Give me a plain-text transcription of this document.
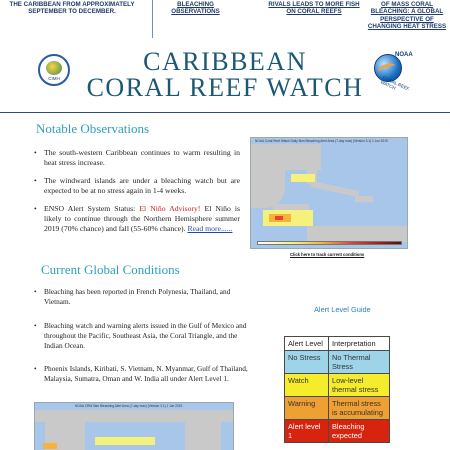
THE CARIBBEAN FROM APPROXIMATELY SEPTEMBER TO DECEMBER.
BLEACHING OBSERVATIONS
RIVALS LEADS TO MORE FISH ON CORAL REEFS
OF MASS CORAL BLEACHING: A GLOBAL PERSPECTIVE OF CHANGING HEAT STRESS
CARIBBEAN
CORAL REEF WATCH
CIMH
NOAA
CORAL REEF WATCH
Notable Observations
• The south-western Caribbean continues to warm resulting in heat stress increase.
• The windward islands are under a bleaching watch but are expected to be at no stress again in 1-4 weeks.
• ENSO Alert System Status: El Niño Advisory! El Niño is likely to continue through the Northern Hemisphere summer 2019 (70% chance) and fall (55-60% chance). Read more......
NOAA Coral Reef Watch Daily 5km Bleaching Alert Area (7-day max) (Version 3.1) 1 Jun 2019
Click here to track current conditions
Current Global Conditions
• Bleaching has been reported in French Polynesia, Thailand, and Vietnam.
• Bleaching watch and warning alerts issued in the Gulf of Mexico and throughout the Pacific, Southeast Asia, the Coral Triangle, and the Indian Ocean.
• Phoenix Islands, Kiribati, S. Vietnam, N. Myanmar, Gulf of Thailand, Malaysia, Sumatra, Oman and W. India all under Alert Level 1.
NOAA CRW 5km Bleaching Alert Area (7-day max) (Version 3.1) 1 Jun 2019
Alert Level Guide
Alert Level	Interpretation
No Stress	No Thermal Stress
Watch	Low-level thermal stress
Warning	Thermal stress is accumulating
Alert level 1	Bleaching expected
